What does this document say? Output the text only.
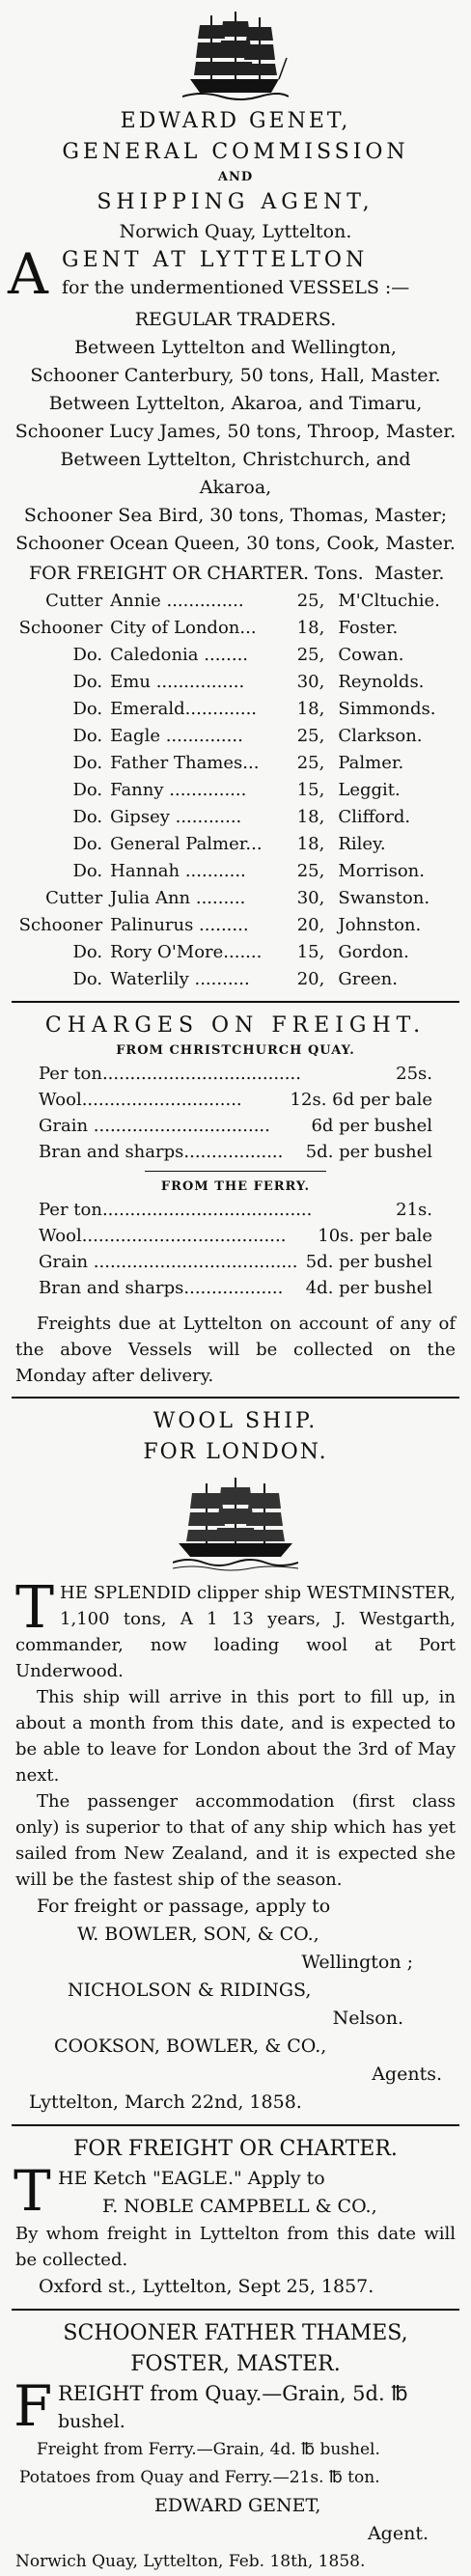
EDWARD GENET,
GENERAL COMMISSION
AND
SHIPPING AGENT,
Norwich Quay, Lyttelton.
A GENT AT LYTTELTON
for the undermentioned VESSELS :—
REGULAR TRADERS.
Between Lyttelton and Wellington,
Schooner Canterbury, 50 tons, Hall, Master.
Between Lyttelton, Akaroa, and Timaru,
Schooner Lucy James, 50 tons, Throop, Master.
Between Lyttelton, Christchurch, and
Akaroa,
Schooner Sea Bird, 30 tons, Thomas, Master;
Schooner Ocean Queen, 30 tons, Cook, Master.
FOR FREIGHT OR CHARTER. Tons. Master.
Cutter Annie ..............	25, M'Cltuchie.
Schooner City of London...	18, Foster.
Do. Caledonia ........	25, Cowan.
Do. Emu ................	30, Reynolds.
Do. Emerald.............	18, Simmonds.
Do. Eagle ..............	25, Clarkson.
Do. Father Thames...	25, Palmer.
Do. Fanny ..............	15, Leggit.
Do. Gipsey ............	18, Clifford.
Do. General Palmer...	18, Riley.
Do. Hannah ...........	25, Morrison.
Cutter Julia Ann .........	30, Swanston.
Schooner Palinurus .........	20, Johnston.
Do. Rory O'More.......	15, Gordon.
Do. Waterlily ..........	20, Green.
CHARGES ON FREIGHT.
FROM CHRISTCHURCH QUAY.
Per ton....................................	25s.
Wool.............................	12s. 6d per bale
Grain ................................ 6d per bushel
Bran and sharps.................. 5d. per bushel
FROM THE FERRY.
Per ton......................................	21s.
Wool..................................... 10s. per bale
Grain ..................................... 5d. per bushel
Bran and sharps.................. 4d. per bushel
Freights due at Lyttelton on account of any of the above Vessels will be collected on the Monday after delivery.
WOOL SHIP.
FOR LONDON.
T HE SPLENDID clipper ship WESTMINSTER, 1,100 tons, A 1 13 years, J. Westgarth, commander, now loading wool at Port Underwood.
This ship will arrive in this port to fill up, in about a month from this date, and is expected to be able to leave for London about the 3rd of May next.
The passenger accommodation (first class only) is superior to that of any ship which has yet sailed from New Zealand, and it is expected she will be the fastest ship of the season.
For freight or passage, apply to
W. BOWLER, SON, & CO.,
Wellington ;
NICHOLSON & RIDINGS,
Nelson.
COOKSON, BOWLER, & CO.,
Agents.
Lyttelton, March 22nd, 1858.
FOR FREIGHT OR CHARTER.
T HE Ketch "EAGLE." Apply to
F. NOBLE CAMPBELL & CO.,
By whom freight in Lyttelton from this date will be collected.
Oxford st., Lyttelton, Sept 25, 1857.
SCHOONER FATHER THAMES,
FOSTER, MASTER.
F REIGHT from Quay.—Grain, 5d. ℔
bushel.
Freight from Ferry.—Grain, 4d. ℔ bushel.
Potatoes from Quay and Ferry.—21s. ℔ ton.
EDWARD GENET,
Agent.
Norwich Quay, Lyttelton, Feb. 18th, 1858.
